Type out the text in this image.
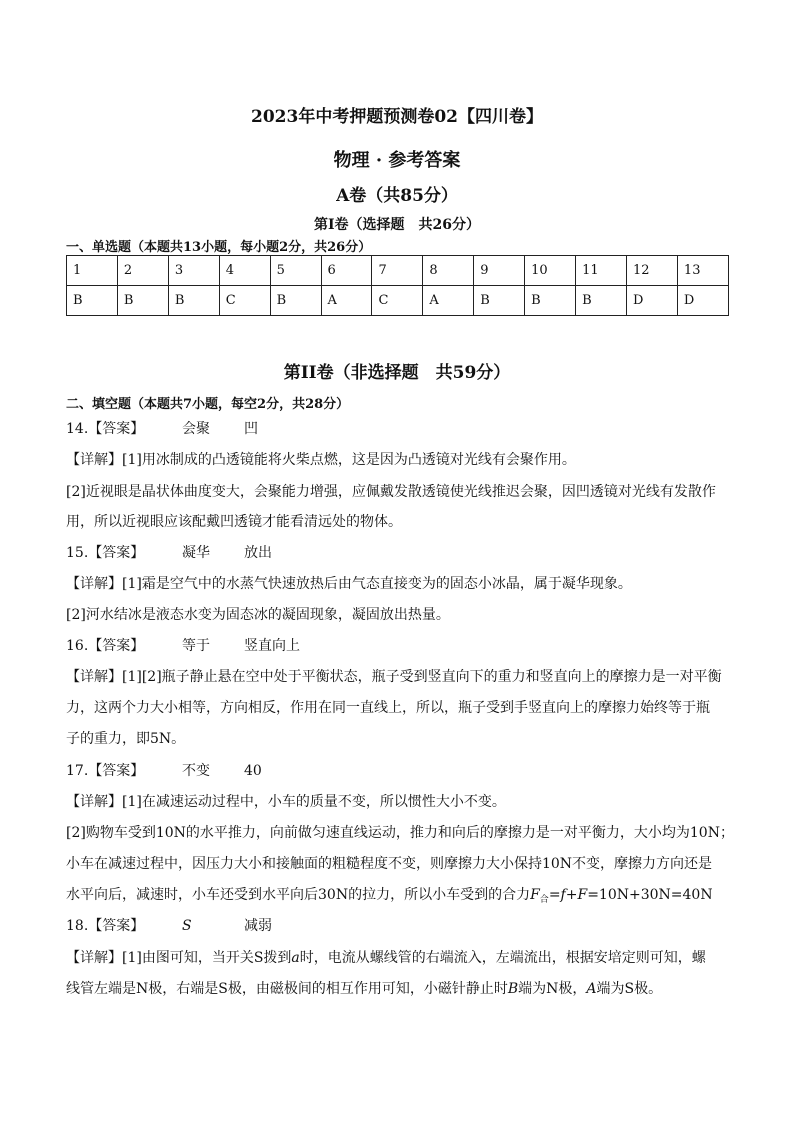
2023年中考押题预测卷02【四川卷】

物理 · 参考答案

A卷（共85分）

第I卷（选择题　共26分）

一、单选题（本题共13小题，每小题2分，共26分）

1	2	3	4	5	6	7	8	9	10	11	12	13
B	B	B	C	B	A	C	A	B	B	B	D	D

第II卷（非选择题　共59分）

二、填空题（本题共7小题，每空2分，共28分）

14.【答案】	会聚 凹

【详解】[1]用冰制成的凸透镜能将火柴点燃，这是因为凸透镜对光线有会聚作用。

[2]近视眼是晶状体曲度变大，会聚能力增强，应佩戴发散透镜使光线推迟会聚，因凹透镜对光线有发散作

用，所以近视眼应该配戴凹透镜才能看清远处的物体。

15.【答案】	凝华 放出

【详解】[1]霜是空气中的水蒸气快速放热后由气态直接变为的固态小冰晶，属于凝华现象。

[2]河水结冰是液态水变为固态冰的凝固现象，凝固放出热量。

16.【答案】	等于 竖直向上

【详解】[1][2]瓶子静止悬在空中处于平衡状态，瓶子受到竖直向下的重力和竖直向上的摩擦力是一对平衡

力，这两个力大小相等，方向相反，作用在同一直线上，所以，瓶子受到手竖直向上的摩擦力始终等于瓶

子的重力，即5N。

17.【答案】	不变 40

【详解】[1]在减速运动过程中，小车的质量不变，所以惯性大小不变。

[2]购物车受到10N的水平推力，向前做匀速直线运动，推力和向后的摩擦力是一对平衡力，大小均为10N；

小车在减速过程中，因压力大小和接触面的粗糙程度不变，则摩擦力大小保持10N不变，摩擦力方向还是

水平向后，减速时，小车还受到水平向后30N的拉力，所以小车受到的合力$F_合=f+F=10N+30N=40N$

18.【答案】	S	减弱

【详解】[1]由图可知，当开关S拨到a时，电流从螺线管的右端流入，左端流出，根据安培定则可知，螺

线管左端是N极，右端是S极，由磁极间的相互作用可知，小磁针静止时B端为N极，A端为S极。
